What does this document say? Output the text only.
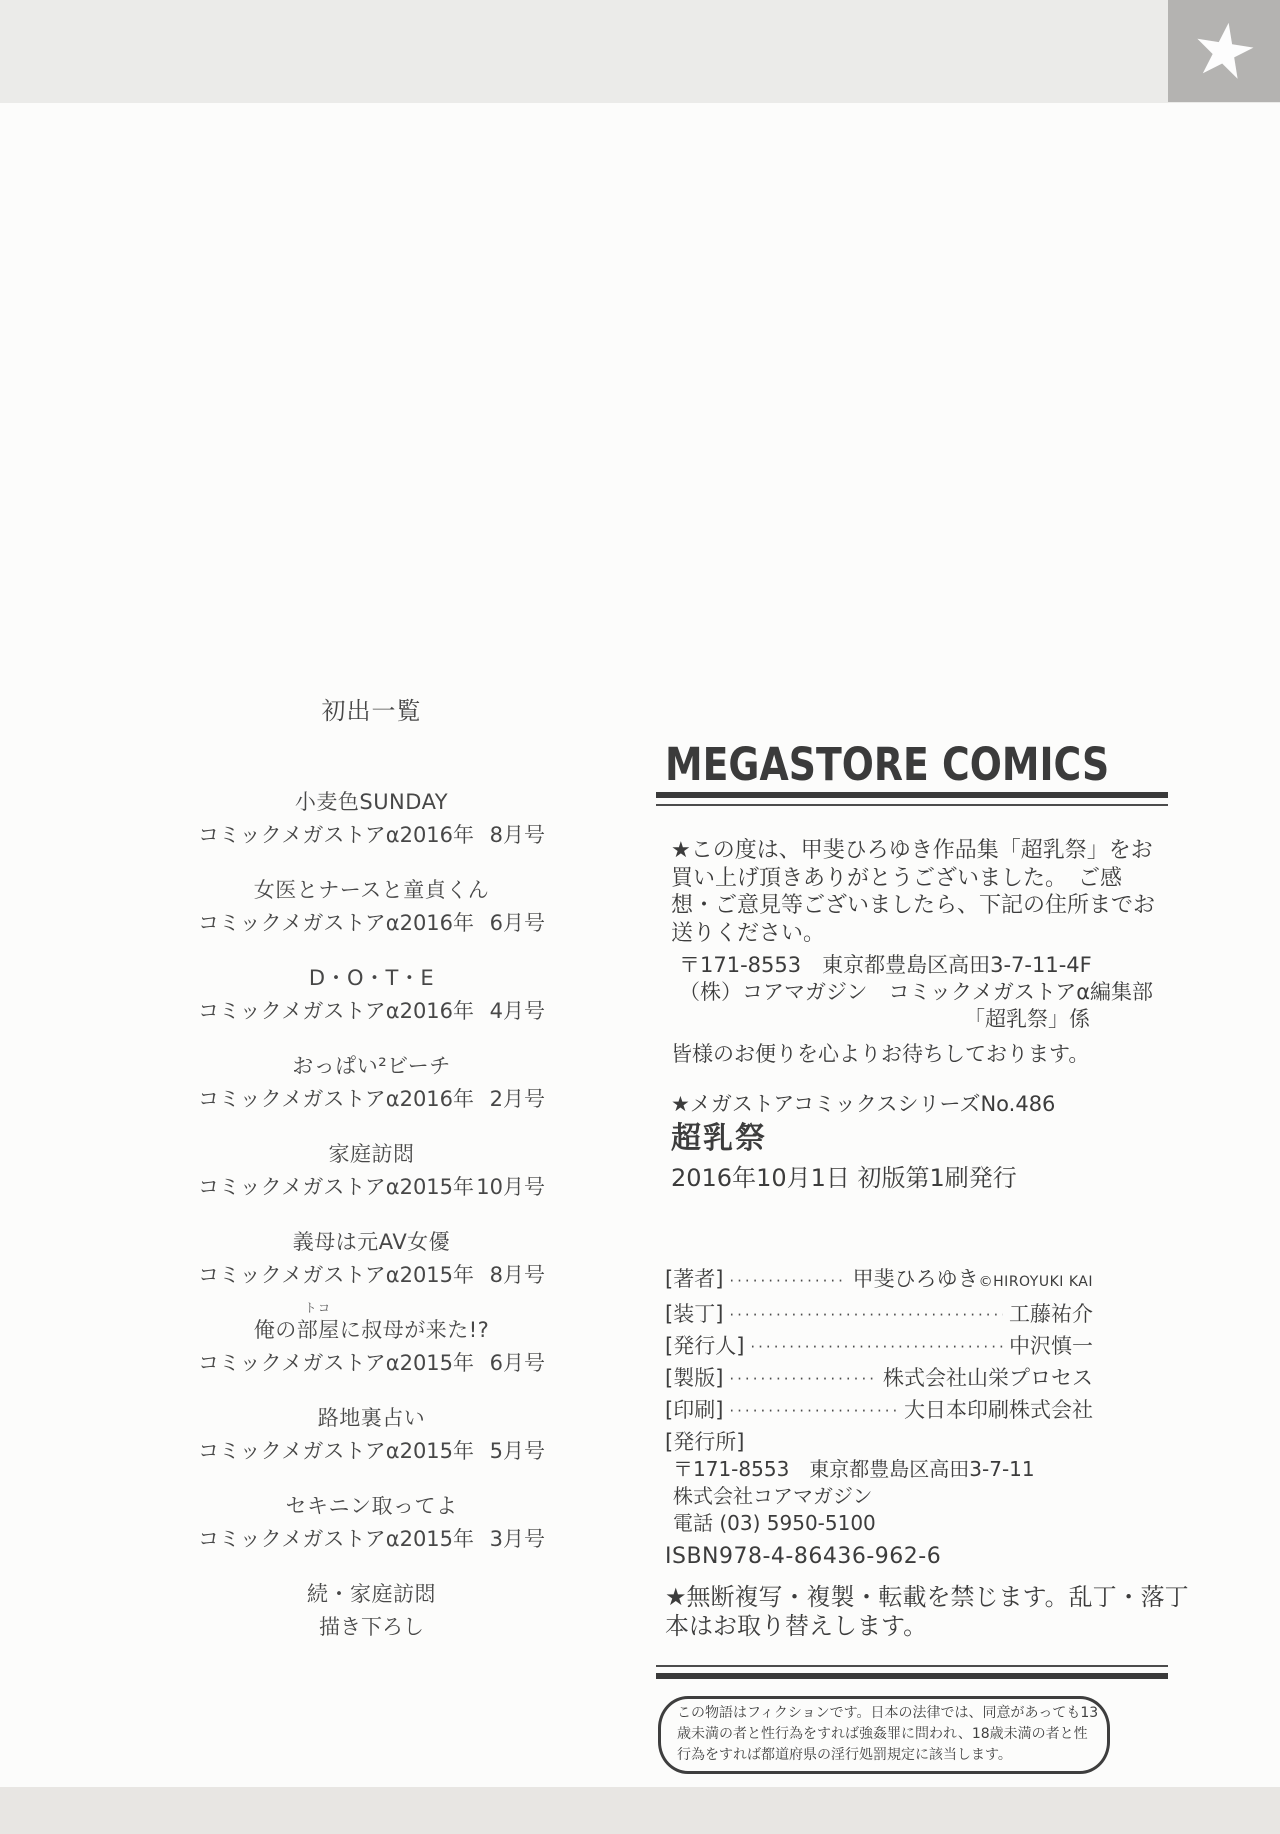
★
初出一覧
小麦色SUNDAY
コミックメガストアα2016年 8月号
女医とナースと童貞くん
コミックメガストアα2016年 6月号
D・O・T・E
コミックメガストアα2016年 4月号
おっぱい²ビーチ
コミックメガストアα2016年 2月号
家庭訪悶
コミックメガストアα2015年 10月号
義母は元AV女優
コミックメガストアα2015年 8月号
俺の部屋
トコ
に叔母が来た!?
コミックメガストアα2015年 6月号
路地裏占い
コミックメガストアα2015年 5月号
セキニン取ってよ
コミックメガストアα2015年 3月号
続・家庭訪悶
描き下ろし
MEGASTORE COMICS
★この度は、甲斐ひろゆき作品集「超乳祭」をお
買い上げ頂きありがとうございました。　ご感
想・ご意見等ございましたら、下記の住所までお
送りください。
〒171-8553　東京都豊島区高田3-7-11-4F
（株）コアマガジン　コミックメガストアα編集部
「超乳祭」係
皆様のお便りを心よりお待ちしております。
★メガストアコミックスシリーズNo.486
超乳祭
2016年10月1日 初版第1刷発行
[著者] ·····	甲斐ひろゆき©HIROYUKI KAI
[装丁] ·····	工藤祐介
[発行人] ·····	中沢慎一
[製版] ·····	株式会社山栄プロセス
[印刷] ·····	大日本印刷株式会社
[発行所]
〒171-8553　東京都豊島区高田3-7-11
株式会社コアマガジン
電話 (03) 5950-5100
ISBN978-4-86436-962-6
★無断複写・複製・転載を禁じます。乱丁・落丁
本はお取り替えします。
この物語はフィクションです。日本の法律では、同意があっても13
歳未満の者と性行為をすれば強姦罪に問われ、18歳未満の者と性
行為をすれば都道府県の淫行処罰規定に該当します。
